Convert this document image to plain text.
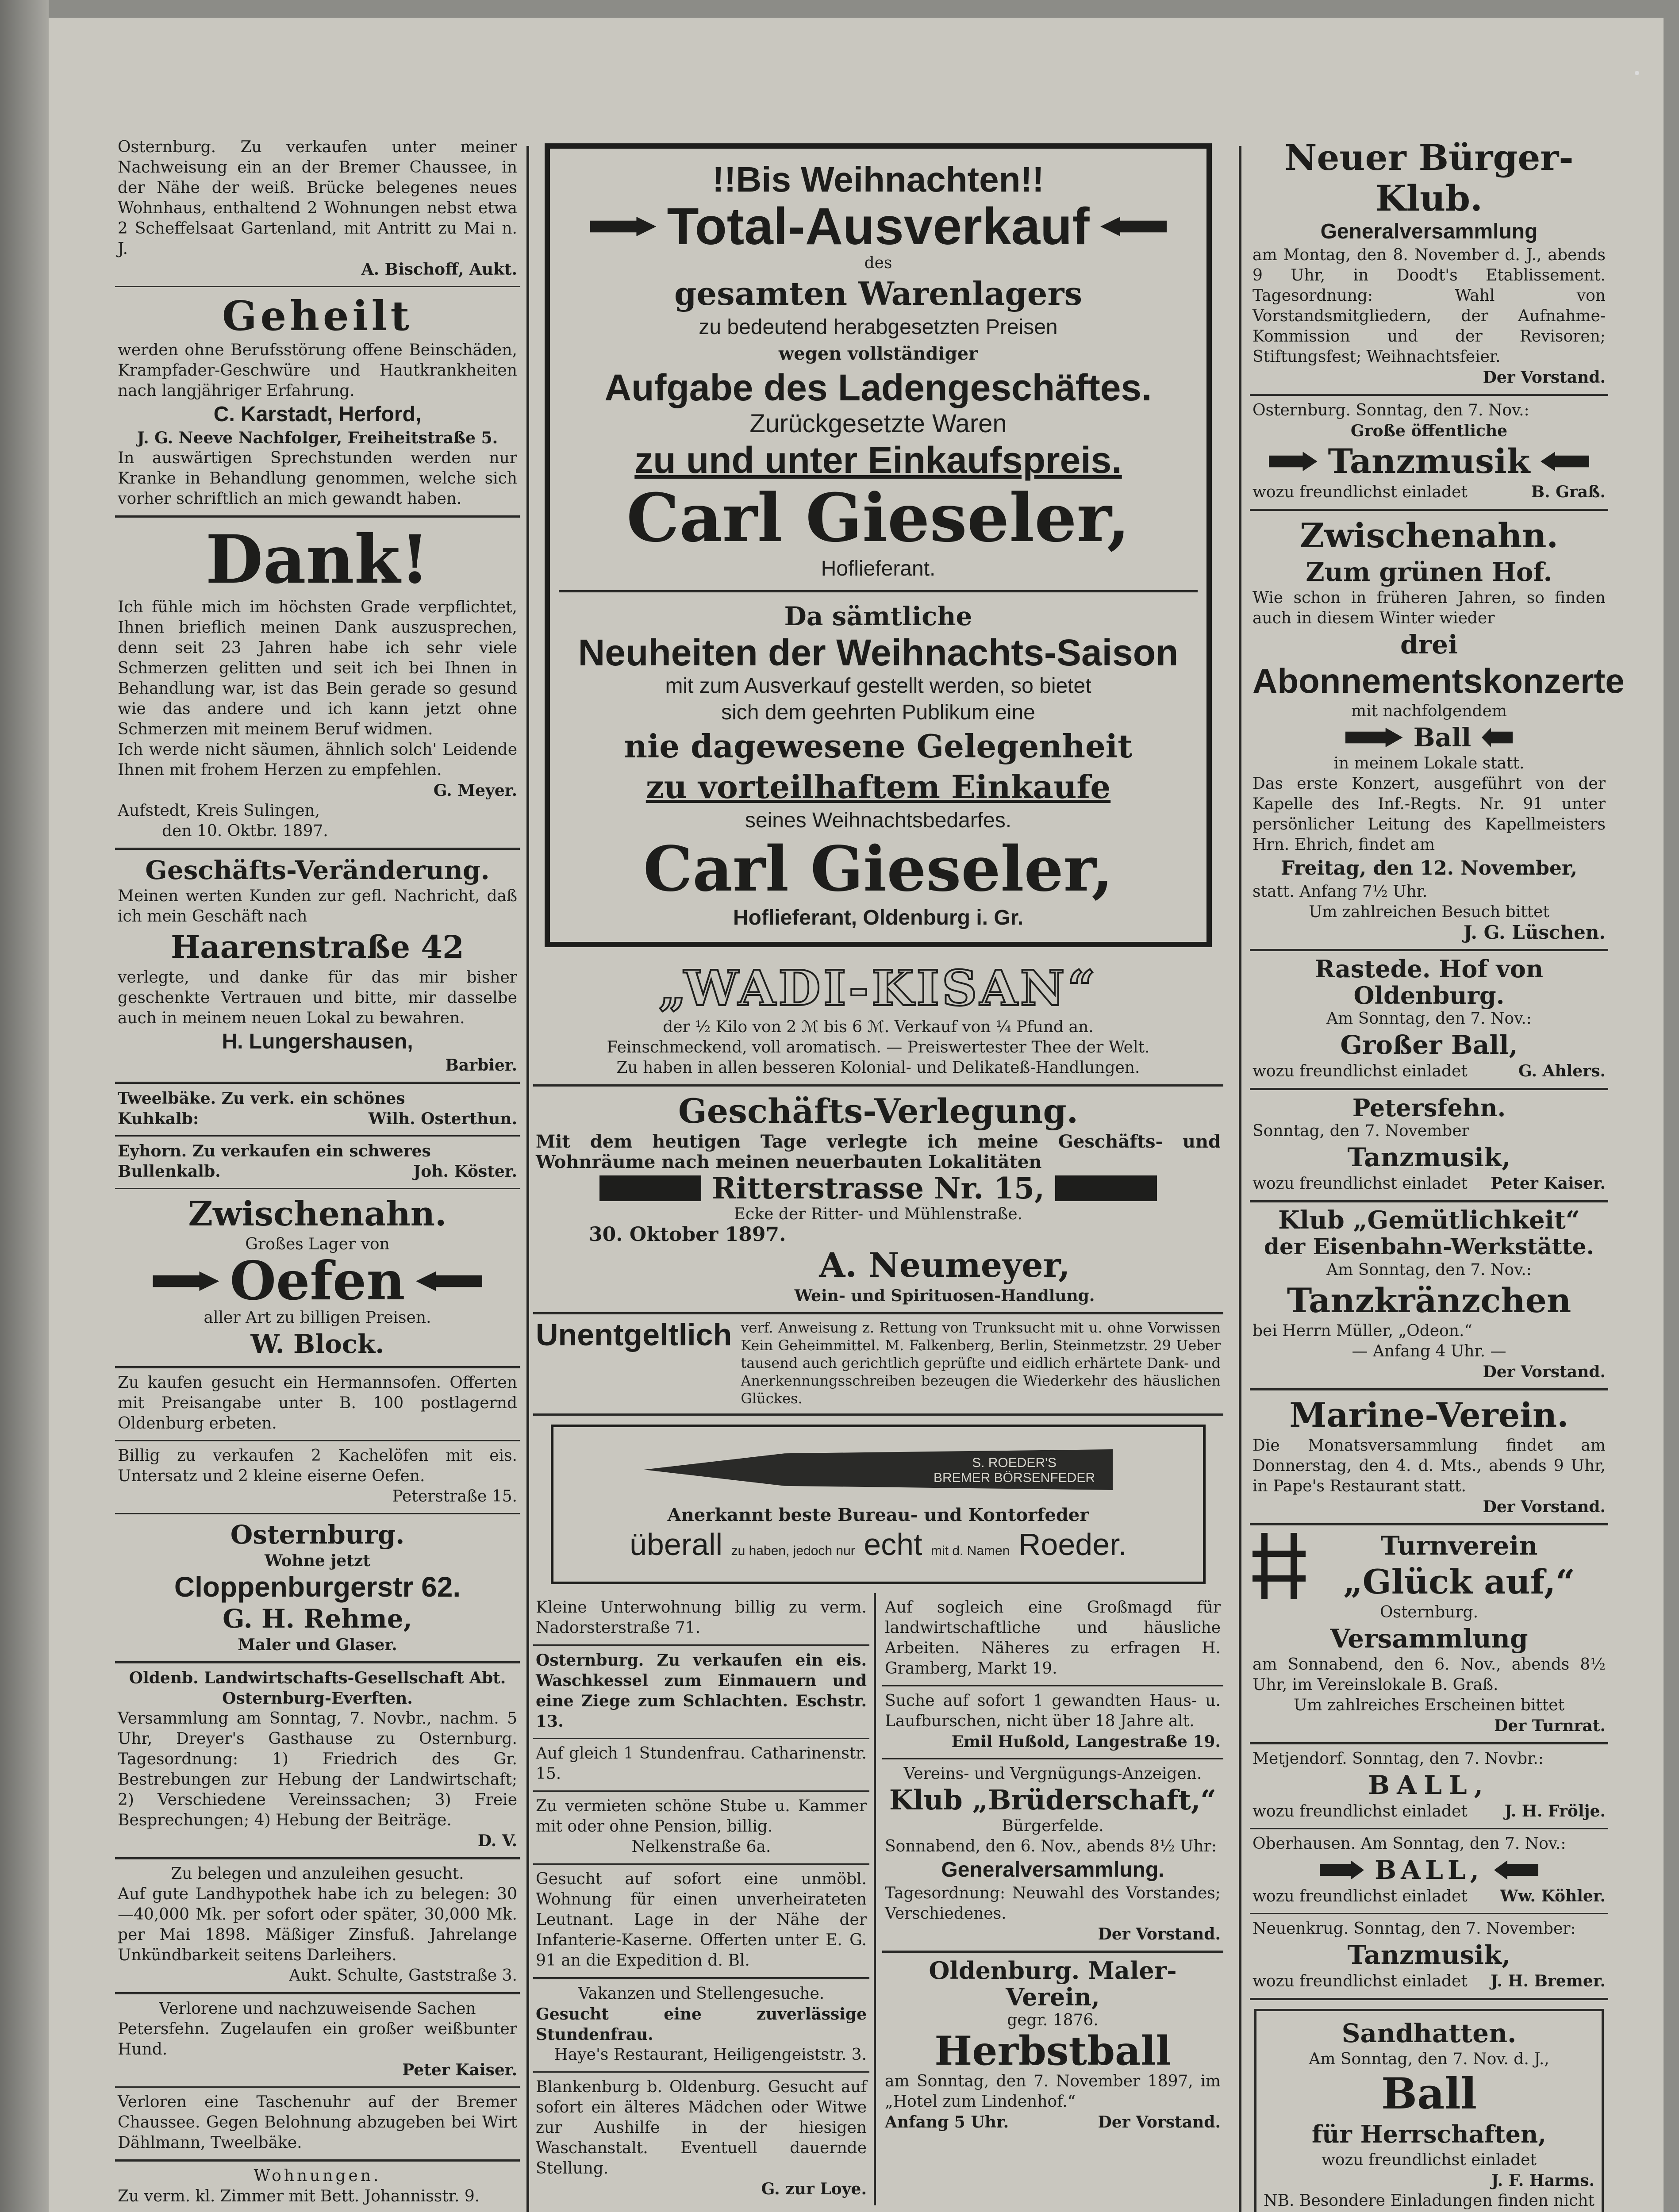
Osternburg. Zu verkaufen unter meiner Nachweisung ein an der Bremer Chaussee, in der Nähe der weiß. Brücke belegenes neues Wohnhaus, enthaltend 2 Wohnungen nebst etwa 2 Scheffelsaat Gartenland, mit Antritt zu Mai n. J.
A. Bischoff, Aukt.
Geheilt
werden ohne Berufsstörung offene Beinschäden, Krampfader-Geschwüre und Hautkrankheiten nach langjähriger Erfahrung.
C. Karstadt, Herford,
J. G. Neeve Nachfolger, Freiheitstraße 5.
In auswärtigen Sprechstunden werden nur Kranke in Behandlung genommen, welche sich vorher schriftlich an mich gewandt haben.
Dank!
Ich fühle mich im höchsten Grade verpflichtet, Ihnen brieflich meinen Dank auszusprechen, denn seit 23 Jahren habe ich sehr viele Schmerzen gelitten und seit ich bei Ihnen in Behandlung war, ist das Bein gerade so gesund wie das andere und ich kann jetzt ohne Schmerzen mit meinem Beruf widmen.
Ich werde nicht säumen, ähnlich solch' Leidende Ihnen mit frohem Herzen zu empfehlen.
G. Meyer.
Aufstedt, Kreis Sulingen,
den 10. Oktbr. 1897.
Geschäfts-Veränderung.
Meinen werten Kunden zur gefl. Nachricht, daß ich mein Geschäft nach
Haarenstraße 42
verlegte, und danke für das mir bisher geschenkte Vertrauen und bitte, mir dasselbe auch in meinem neuen Lokal zu bewahren.
H. Lungershausen,
Barbier.
Tweelbäke. Zu verk. ein schönes
Kuhkalb:	Wilh. Osterthun.
Eyhorn. Zu verkaufen ein schweres
Bullenkalb.	Joh. Köster.
Zwischenahn.
Großes Lager von
Oefen
aller Art zu billigen Preisen.
W. Block.
Zu kaufen gesucht ein Hermannsofen. Offerten mit Preisangabe unter B. 100 postlagernd Oldenburg erbeten.
Billig zu verkaufen 2 Kachelöfen mit eis. Untersatz und 2 kleine eiserne Oefen.
Peterstraße 15.
Osternburg.
Wohne jetzt
Cloppenburgerstr 62.
G. H. Rehme,
Maler und Glaser.
Oldenb. Landwirtschafts-Gesellschaft Abt. Osternburg-Everften.
Versammlung am Sonntag, 7. Novbr., nachm. 5 Uhr, Dreyer's Gasthause zu Osternburg. Tagesordnung: 1) Friedrich des Gr. Bestrebungen zur Hebung der Landwirtschaft; 2) Verschiedene Vereinssachen; 3) Freie Besprechungen; 4) Hebung der Beiträge.
D. V.
Zu belegen und anzuleihen gesucht.
Auf gute Landhypothek habe ich zu belegen: 30—40,000 Mk. per sofort oder später, 30,000 Mk. per Mai 1898. Mäßiger Zinsfuß. Jahrelange Unkündbarkeit seitens Darleihers.
Aukt. Schulte, Gaststraße 3.
Verlorene und nachzuweisende Sachen
Petersfehn. Zugelaufen ein großer weißbunter Hund.
Peter Kaiser.
Verloren eine Taschenuhr auf der Bremer Chaussee. Gegen Belohnung abzugeben bei Wirt Dählmann, Tweelbäke.
Wohnungen.
Zu verm. kl. Zimmer mit Bett. Johannisstr. 9.
!!Bis Weihnachten!!
Total-Ausverkauf
des
gesamten Warenlagers
zu bedeutend herabgesetzten Preisen
wegen vollständiger
Aufgabe des Ladengeschäftes.
Zurückgesetzte Waren
zu und unter Einkaufspreis.
Carl Gieseler,
Hoflieferant.
Da sämtliche
Neuheiten der Weihnachts-Saison
mit zum Ausverkauf gestellt werden, so bietet
sich dem geehrten Publikum eine
nie dagewesene Gelegenheit
zu vorteilhaftem Einkaufe
seines Weihnachtsbedarfes.
Carl Gieseler,
Hoflieferant, Oldenburg i. Gr.
„WADI-KISAN“
der ½ Kilo von 2 ℳ bis 6 ℳ. Verkauf von ¼ Pfund an.
Feinschmeckend, voll aromatisch. — Preiswertester Thee der Welt.
Zu haben in allen besseren Kolonial- und Delikateß-Handlungen.
Geschäfts-Verlegung.
Mit dem heutigen Tage verlegte ich meine Geschäfts- und Wohnräume nach meinen neuerbauten Lokalitäten
Ritterstrasse Nr. 15,
Ecke der Ritter- und Mühlenstraße.
30. Oktober 1897.
A. Neumeyer,
Wein- und Spirituosen-Handlung.
Unentgeltlich verf. Anweisung z. Rettung von Trunksucht mit u. ohne Vorwissen Kein Geheimmittel. M. Falkenberg, Berlin, Steinmetzstr. 29 Ueber tausend auch gerichtlich geprüfte und eidlich erhärtete Dank- und Anerkennungsschreiben bezeugen die Wiederkehr des häuslichen Glückes.
S. ROEDER'S
BREMER BÖRSENFEDER
Anerkannt beste Bureau- und Kontorfeder
überall zu haben, jedoch nur echt mit d. Namen Roeder.
Kleine Unterwohnung billig zu verm. Nadorsterstraße 71.
Osternburg. Zu verkaufen ein eis. Waschkessel zum Einmauern und eine Ziege zum Schlachten. Eschstr. 13.
Auf gleich 1 Stundenfrau. Catharinenstr. 15.
Zu vermieten schöne Stube u. Kammer mit oder ohne Pension, billig.
Nelkenstraße 6a.
Gesucht auf sofort eine unmöbl. Wohnung für einen unverheirateten Leutnant. Lage in der Nähe der Infanterie-Kaserne. Offerten unter E. G. 91 an die Expedition d. Bl.
Vakanzen und Stellengesuche.
Gesucht eine zuverlässige Stundenfrau.
Haye's Restaurant, Heiligengeiststr. 3.
Blankenburg b. Oldenburg. Gesucht auf sofort ein älteres Mädchen oder Witwe zur Aushilfe in der hiesigen Waschanstalt. Eventuell dauernde Stellung.
G. zur Loye.
Auf sogleich eine Großmagd für landwirtschaftliche und häusliche Arbeiten. Näheres zu erfragen H. Gramberg, Markt 19.
Suche auf sofort 1 gewandten Haus- u. Laufburschen, nicht über 18 Jahre alt.
Emil Hußold, Langestraße 19.
Vereins- und Vergnügungs-Anzeigen.
Klub „Brüderschaft,“
Bürgerfelde.
Sonnabend, den 6. Nov., abends 8½ Uhr:
Generalversammlung.
Tagesordnung: Neuwahl des Vorstandes; Verschiedenes.
Der Vorstand.
Oldenburg. Maler-Verein,
gegr. 1876.
Herbstball
am Sonntag, den 7. November 1897, im „Hotel zum Lindenhof.“
Anfang 5 Uhr.	Der Vorstand.
Neuer Bürger-Klub.
Generalversammlung
am Montag, den 8. November d. J., abends 9 Uhr, in Doodt's Etablissement. Tagesordnung: Wahl von Vorstandsmitgliedern, der Aufnahme-Kommission und der Revisoren; Stiftungsfest; Weihnachtsfeier.
Der Vorstand.
Osternburg. Sonntag, den 7. Nov.:
Große öffentliche
Tanzmusik
wozu freundlichst einladet	B. Graß.
Zwischenahn.
Zum grünen Hof.
Wie schon in früheren Jahren, so finden auch in diesem Winter wieder
drei
Abonnementskonzerte
mit nachfolgendem
Ball
in meinem Lokale statt.
Das erste Konzert, ausgeführt von der Kapelle des Inf.-Regts. Nr. 91 unter persönlicher Leitung des Kapellmeisters Hrn. Ehrich, findet am
Freitag, den 12. November,
statt. Anfang 7½ Uhr.
Um zahlreichen Besuch bittet
J. G. Lüschen.
Rastede. Hof von Oldenburg.
Am Sonntag, den 7. Nov.:
Großer Ball,
wozu freundlichst einladet	G. Ahlers.
Petersfehn.
Sonntag, den 7. November
Tanzmusik,
wozu freundlichst einladet Peter Kaiser.
Klub „Gemütlichkeit“
der Eisenbahn-Werkstätte.
Am Sonntag, den 7. Nov.:
Tanzkränzchen
bei Herrn Müller, „Odeon.“
— Anfang 4 Uhr. —
Der Vorstand.
Marine-Verein.
Die Monatsversammlung findet am Donnerstag, den 4. d. Mts., abends 9 Uhr, in Pape's Restaurant statt.
Der Vorstand.
Turnverein
„Glück auf,“
Osternburg.
Versammlung
am Sonnabend, den 6. Nov., abends 8½ Uhr, im Vereinslokale B. Graß.
Um zahlreiches Erscheinen bittet
Der Turnrat.
Metjendorf. Sonntag, den 7. Novbr.:
BALL,
wozu freundlichst einladet J. H. Frölje.
Oberhausen. Am Sonntag, den 7. Nov.:
BALL,
wozu freundlichst einladet Ww. Köhler.
Neuenkrug. Sonntag, den 7. November:
Tanzmusik,
wozu freundlichst einladet J. H. Bremer.
Sandhatten.
Am Sonntag, den 7. Nov. d. J.,
Ball
für Herrschaften,
wozu freundlichst einladet
J. F. Harms.
NB. Besondere Einladungen finden nicht
